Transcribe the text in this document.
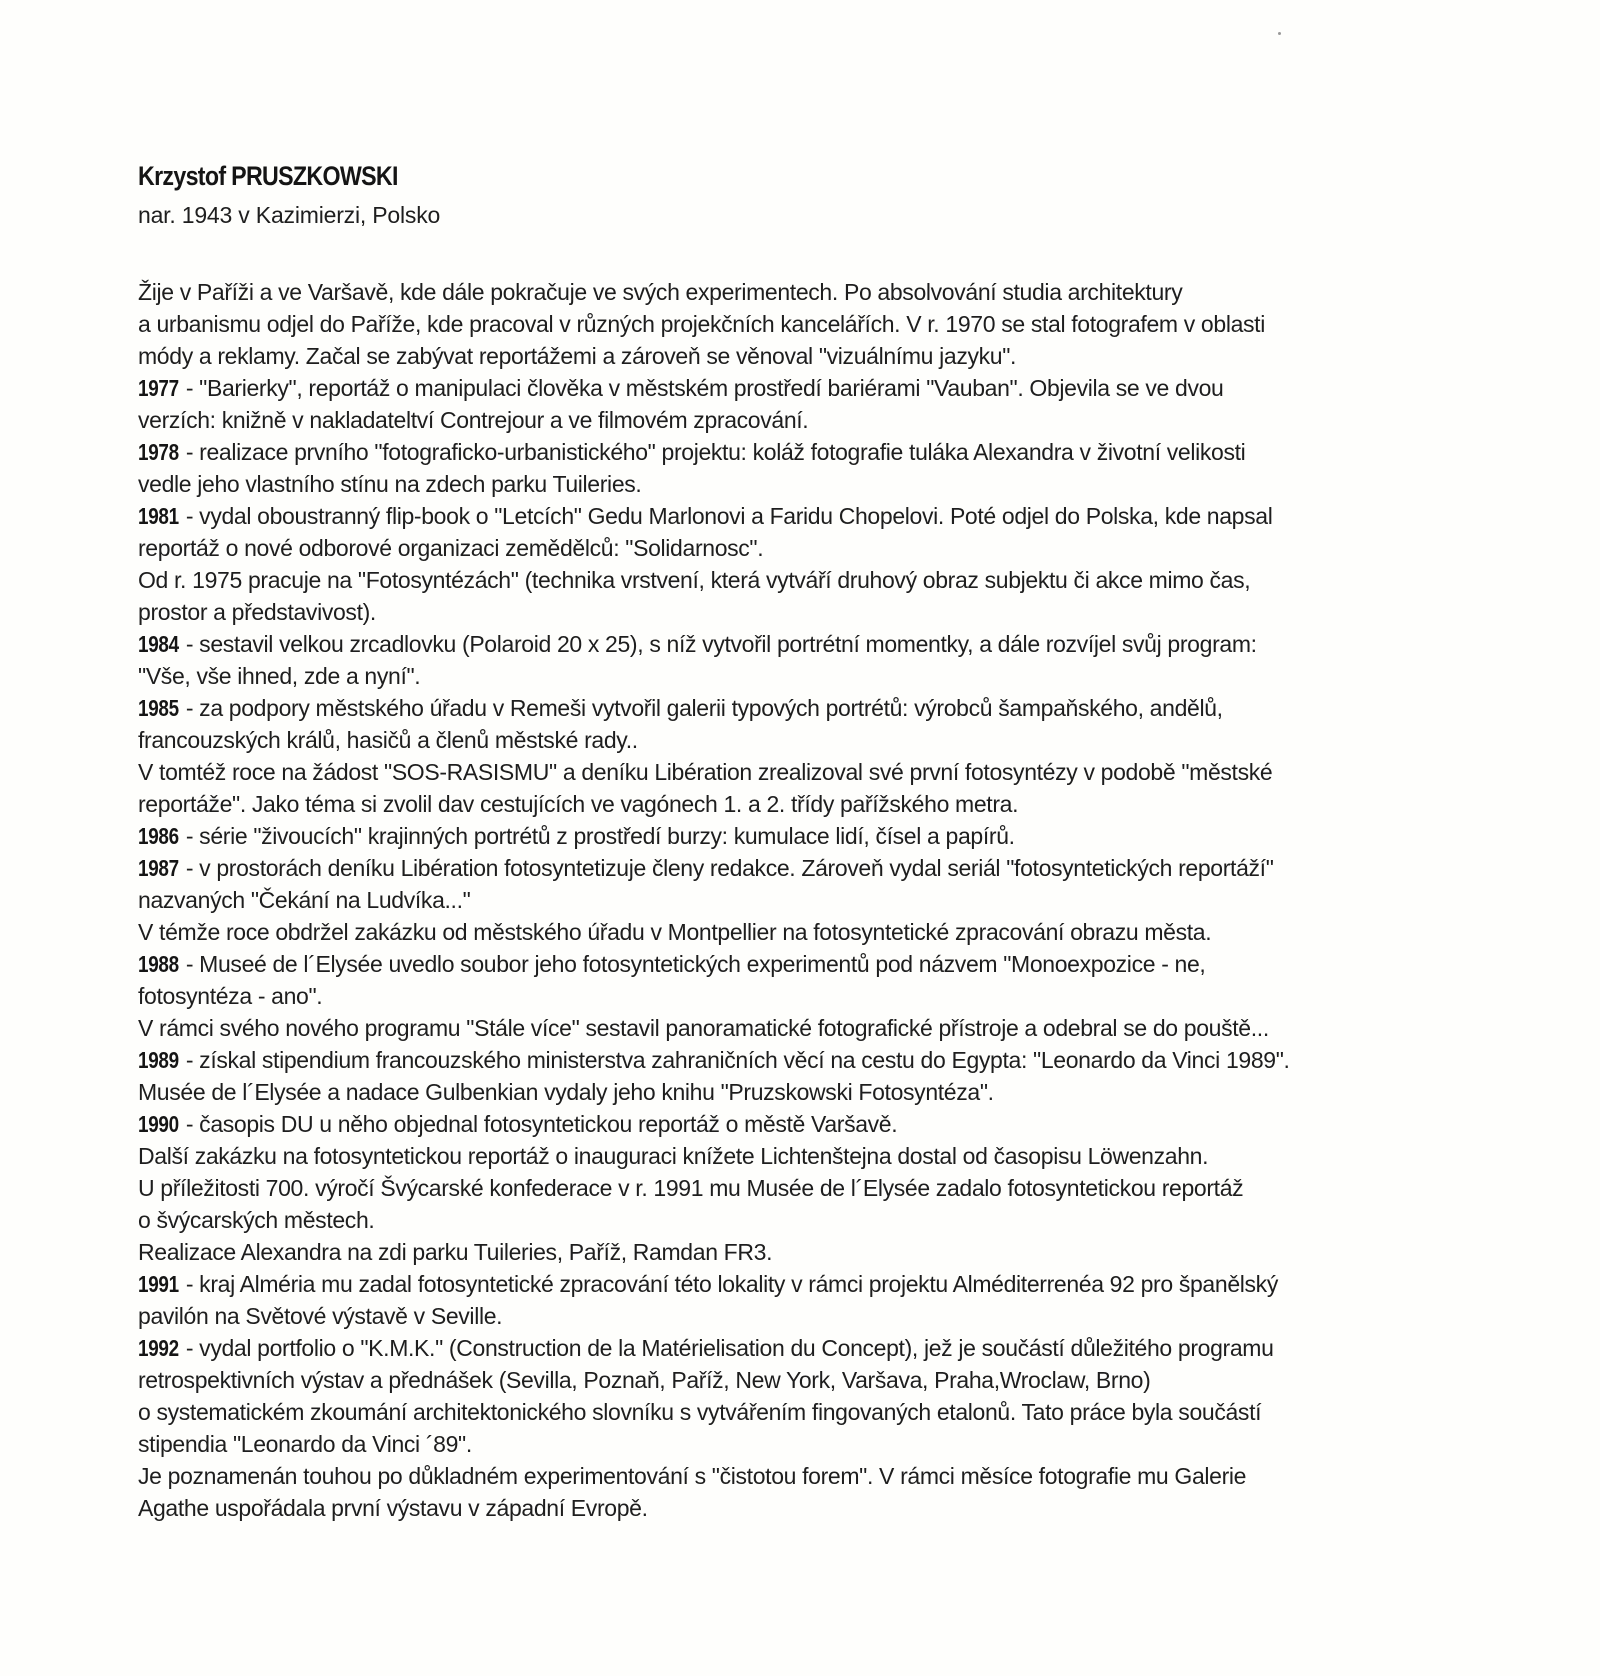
Krzystof PRUSZKOWSKI

nar. 1943 v Kazimierzi, Polsko

Žije v Paříži a ve Varšavě, kde dále pokračuje ve svých experimentech. Po absolvování studia architektury
a urbanismu odjel do Paříže, kde pracoval v různých projekčních kancelářích. V r. 1970 se stal fotografem v oblasti
módy a reklamy. Začal se zabývat reportážemi a zároveň se věnoval "vizuálnímu jazyku".
1977 - "Barierky", reportáž o manipulaci člověka v městském prostředí bariérami "Vauban". Objevila se ve dvou
verzích: knižně v nakladateltví Contrejour a ve filmovém zpracování.
1978 - realizace prvního "fotograficko-urbanistického" projektu: koláž fotografie tuláka Alexandra v životní velikosti
vedle jeho vlastního stínu na zdech parku Tuileries.
1981 - vydal oboustranný flip-book o "Letcích" Gedu Marlonovi a Faridu Chopelovi. Poté odjel do Polska, kde napsal
reportáž o nové odborové organizaci zemědělců: "Solidarnosc".
Od r. 1975 pracuje na "Fotosyntézách" (technika vrstvení, která vytváří druhový obraz subjektu či akce mimo čas,
prostor a představivost).
1984 - sestavil velkou zrcadlovku (Polaroid 20 x 25), s níž vytvořil portrétní momentky, a dále rozvíjel svůj program:
"Vše, vše ihned, zde a nyní".
1985 - za podpory městského úřadu v Remeši vytvořil galerii typových portrétů: výrobců šampaňského, andělů,
francouzských králů, hasičů a členů městské rady..
V tomtéž roce na žádost "SOS-RASISMU" a deníku Libération zrealizoval své první fotosyntézy v podobě "městské
reportáže". Jako téma si zvolil dav cestujících ve vagónech 1. a 2. třídy pařížského metra.
1986 - série "živoucích" krajinných portrétů z prostředí burzy: kumulace lidí, čísel a papírů.
1987 - v prostorách deníku Libération fotosyntetizuje členy redakce. Zároveň vydal seriál "fotosyntetických reportáží"
nazvaných "Čekání na Ludvíka..."
V témže roce obdržel zakázku od městského úřadu v Montpellier na fotosyntetické zpracování obrazu města.
1988 - Museé de l´Elysée uvedlo soubor jeho fotosyntetických experimentů pod názvem "Monoexpozice - ne,
fotosyntéza - ano".
V rámci svého nového programu "Stále více" sestavil panoramatické fotografické přístroje a odebral se do pouště...
1989 - získal stipendium francouzského ministerstva zahraničních věcí na cestu do Egypta: "Leonardo da Vinci 1989".
Musée de l´Elysée a nadace Gulbenkian vydaly jeho knihu "Pruzskowski Fotosyntéza".
1990 - časopis DU u něho objednal fotosyntetickou reportáž o městě Varšavě.
Další zakázku na fotosyntetickou reportáž o inauguraci knížete Lichtenštejna dostal od časopisu Löwenzahn.
U příležitosti 700. výročí Švýcarské konfederace v r. 1991 mu Musée de l´Elysée zadalo fotosyntetickou reportáž
o švýcarských městech.
Realizace Alexandra na zdi parku Tuileries, Paříž, Ramdan FR3.
1991 - kraj Alméria mu zadal fotosyntetické zpracování této lokality v rámci projektu Alméditerrenéa 92 pro španělský
pavilón na Světové výstavě v Seville.
1992 - vydal portfolio o "K.M.K." (Construction de la Matérielisation du Concept), jež je součástí důležitého programu
retrospektivních výstav a přednášek (Sevilla, Poznaň, Paříž, New York, Varšava, Praha,Wroclaw, Brno)
o systematickém zkoumání architektonického slovníku s vytvářením fingovaných etalonů. Tato práce byla součástí
stipendia "Leonardo da Vinci ´89".
Je poznamenán touhou po důkladném experimentování s "čistotou forem". V rámci měsíce fotografie mu Galerie
Agathe uspořádala první výstavu v západní Evropě.
